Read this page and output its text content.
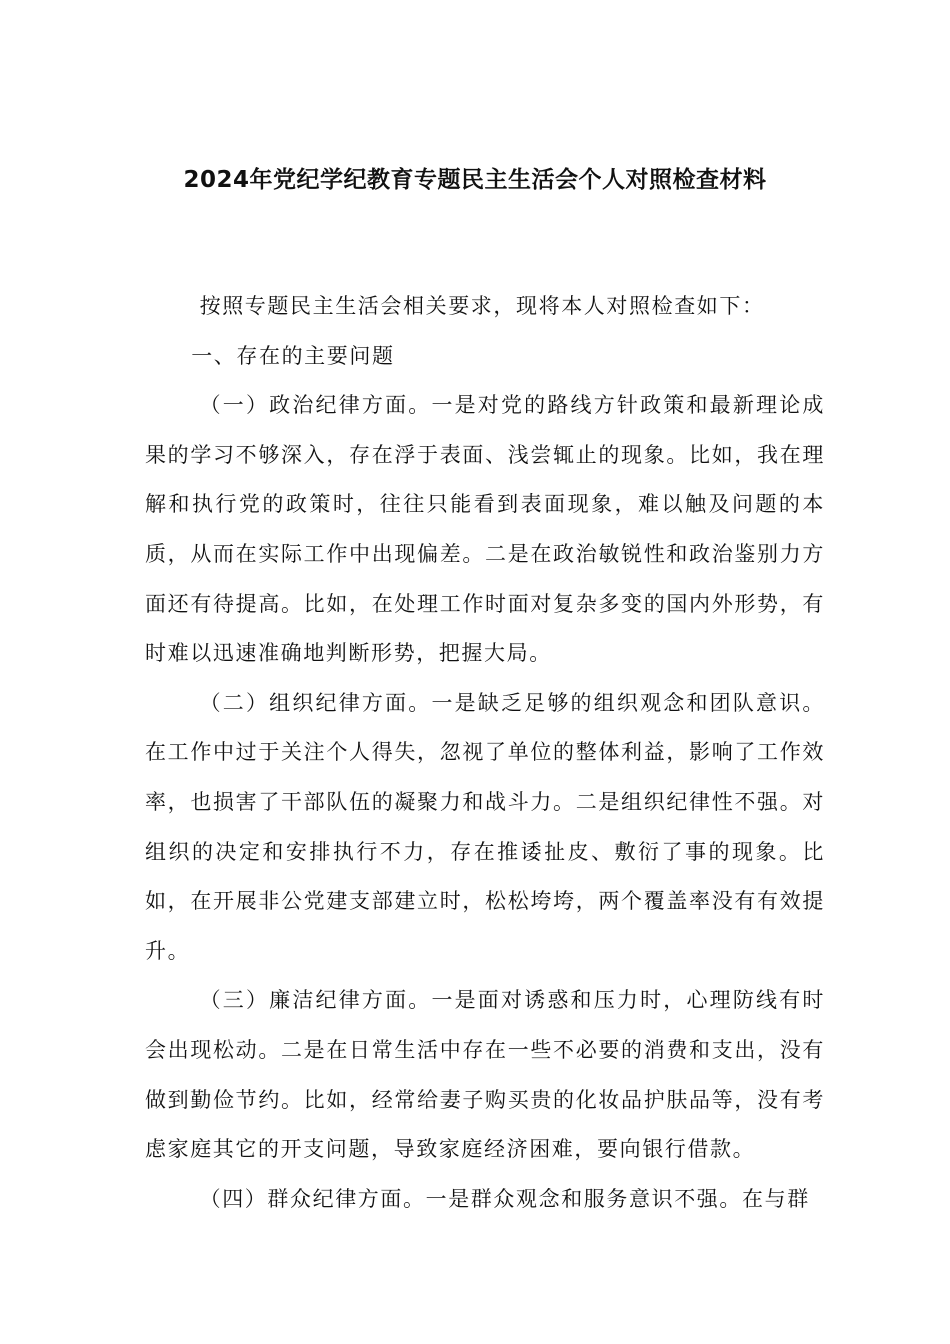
2024年党纪学纪教育专题民主生活会个人对照检查材料

按照专题民主生活会相关要求，现将本人对照检查如下：

一、存在的主要问题

（一）政治纪律方面。一是对党的路线方针政策和最新理论成果的学习不够深入，存在浮于表面、浅尝辄止的现象。比如，我在理解和执行党的政策时，往往只能看到表面现象，难以触及问题的本质，从而在实际工作中出现偏差。二是在政治敏锐性和政治鉴别力方面还有待提高。比如，在处理工作时面对复杂多变的国内外形势，有时难以迅速准确地判断形势，把握大局。

（二）组织纪律方面。一是缺乏足够的组织观念和团队意识。在工作中过于关注个人得失，忽视了单位的整体利益，影响了工作效率，也损害了干部队伍的凝聚力和战斗力。二是组织纪律性不强。对组织的决定和安排执行不力，存在推诿扯皮、敷衍了事的现象。比如，在开展非公党建支部建立时，松松垮垮，两个覆盖率没有有效提升。

（三）廉洁纪律方面。一是面对诱惑和压力时，心理防线有时会出现松动。二是在日常生活中存在一些不必要的消费和支出，没有做到勤俭节约。比如，经常给妻子购买贵的化妆品护肤品等，没有考虑家庭其它的开支问题，导致家庭经济困难，要向银行借款。

（四）群众纪律方面。一是群众观念和服务意识不强。在与群
